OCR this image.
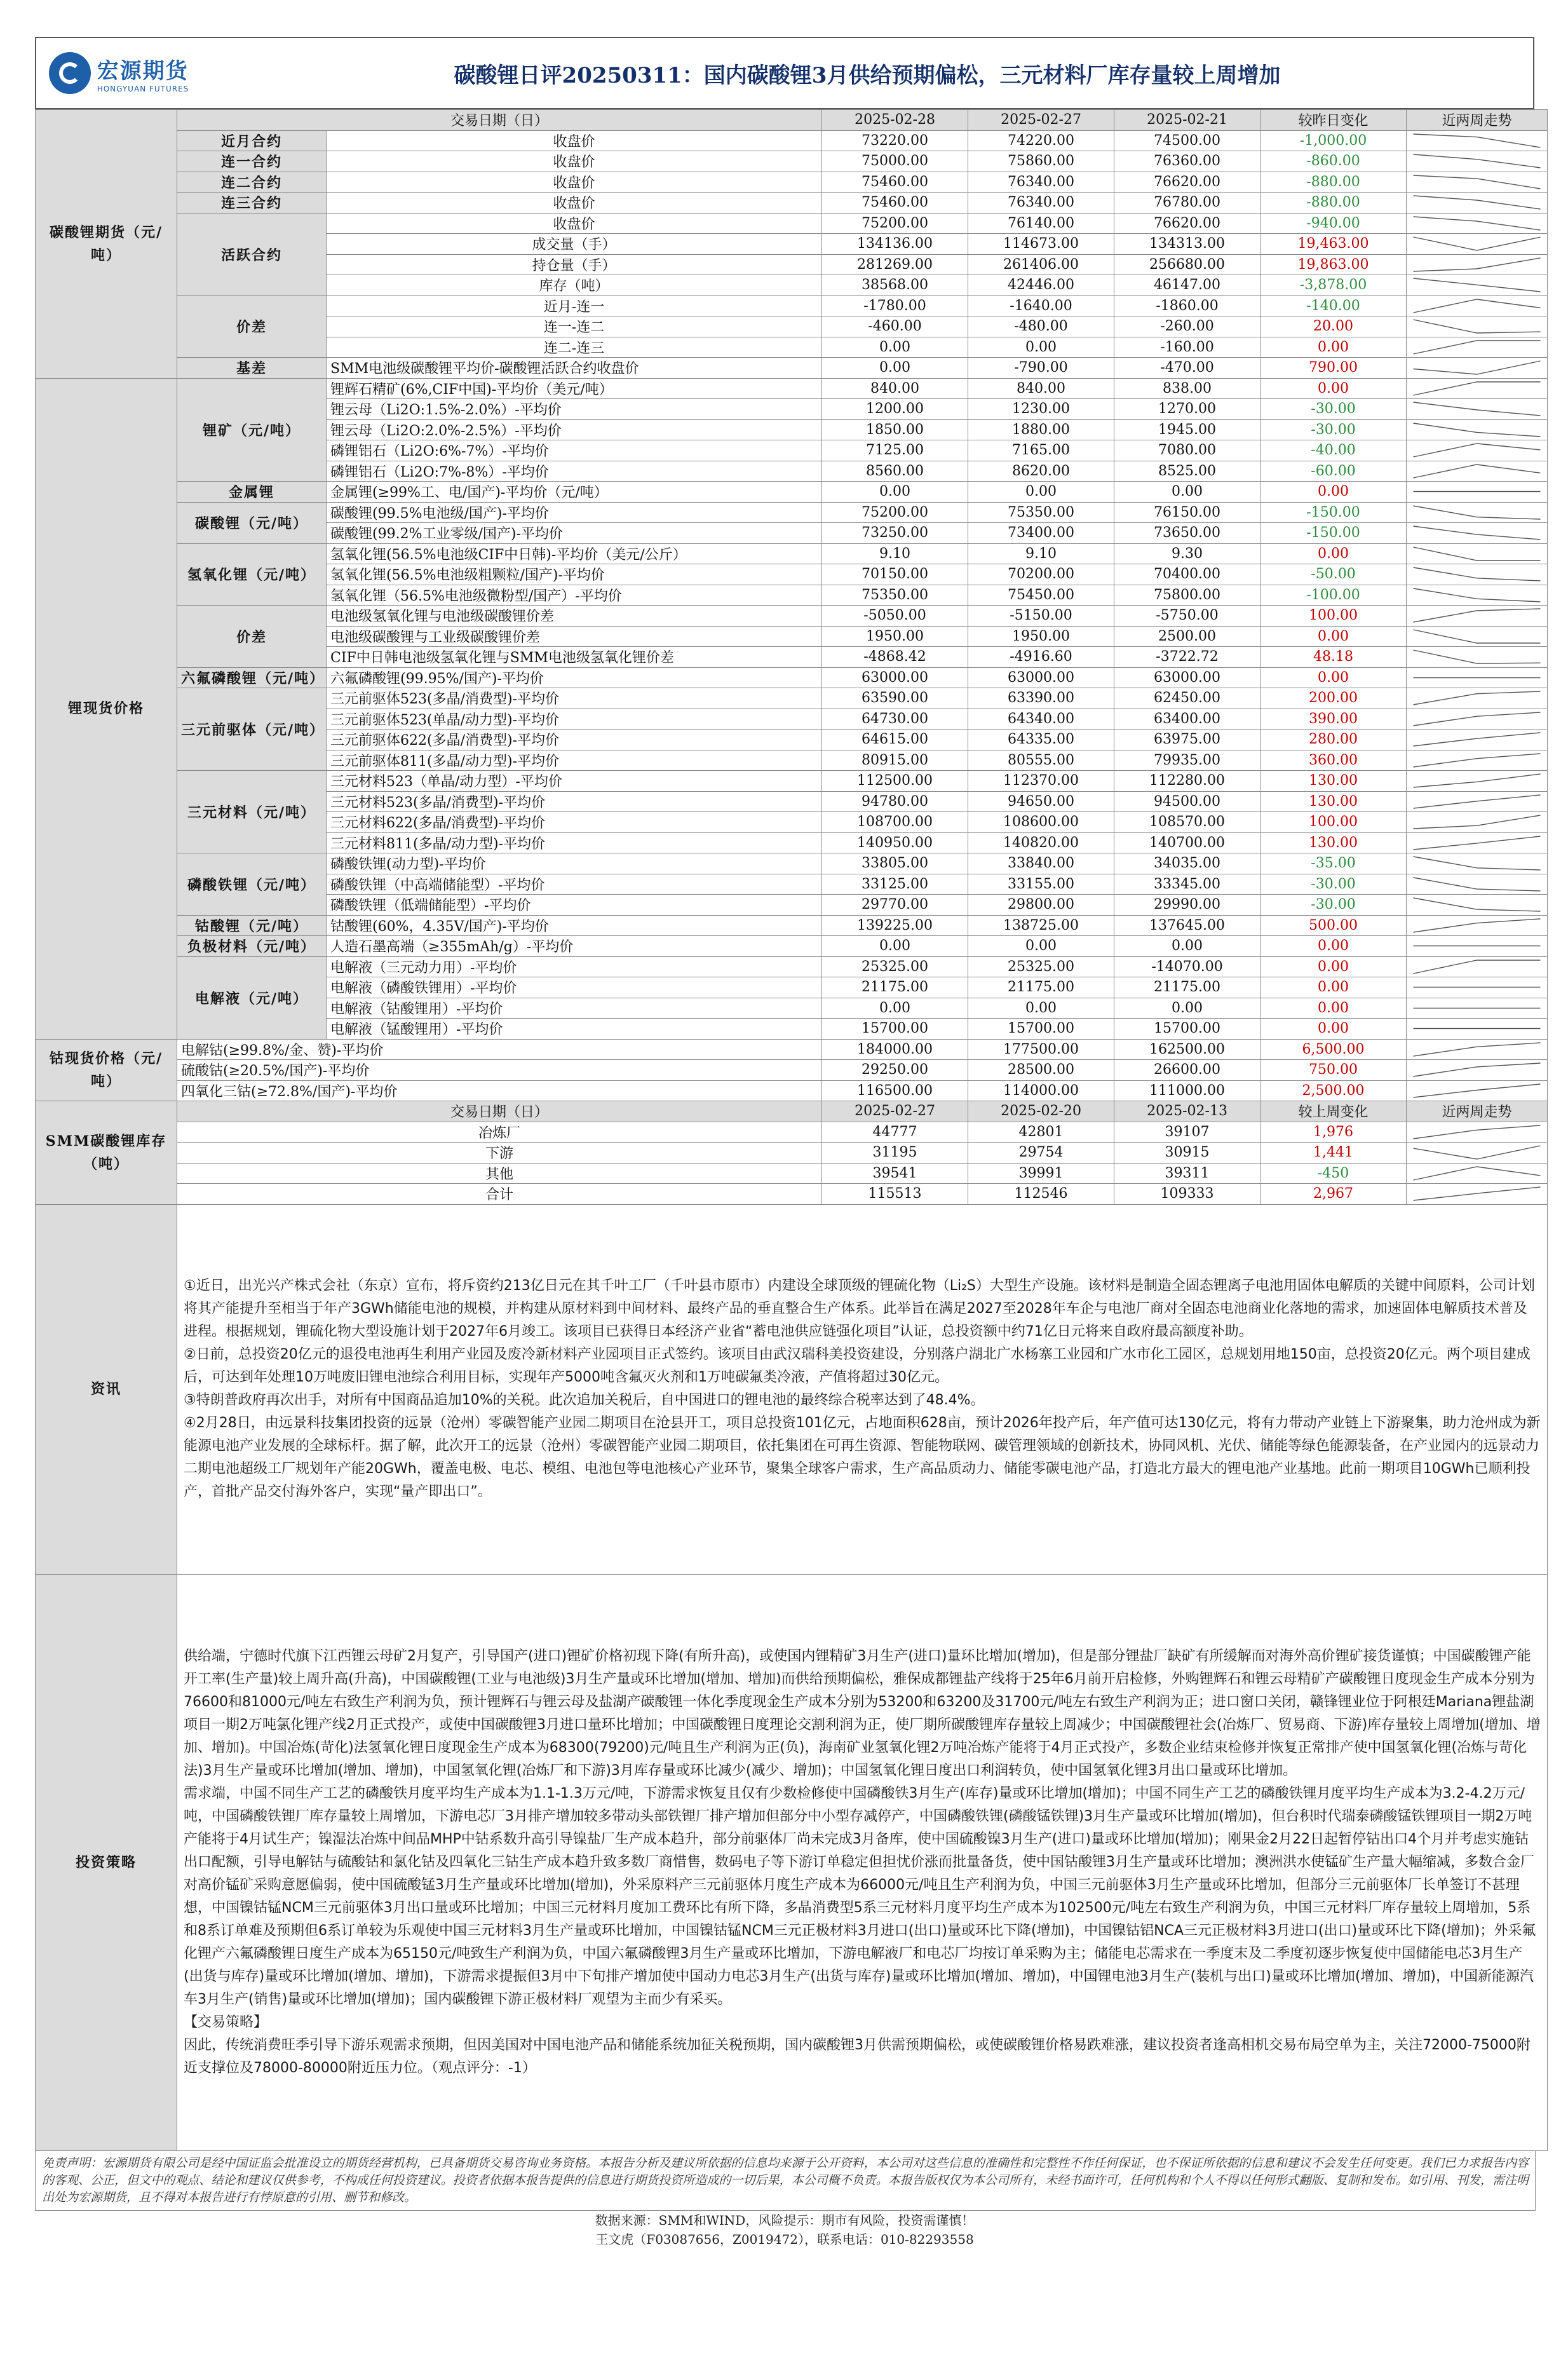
宏源期货
HONGYUAN FUTURES
碳酸锂日评20250311：国内碳酸锂3月供给预期偏松，三元材料厂库存量较上周增加
碳酸锂期货（元/吨）	交易日期（日）		2025-02-28	2025-02-27	2025-02-21	较昨日变化	近两周走势
	近月合约	收盘价	73220.00	74220.00	74500.00	-1,000.00	

	连一合约	收盘价	75000.00	75860.00	76360.00	-860.00	

	连二合约	收盘价	75460.00	76340.00	76620.00	-880.00	

	连三合约	收盘价	75460.00	76340.00	76780.00	-880.00	

	活跃合约	收盘价	75200.00	76140.00	76620.00	-940.00	

		成交量（手）	134136.00	114673.00	134313.00	19,463.00	

		持仓量（手）	281269.00	261406.00	256680.00	19,863.00	

		库存（吨）	38568.00	42446.00	46147.00	-3,878.00	

	价差	近月-连一	-1780.00	-1640.00	-1860.00	-140.00	

		连一-连二	-460.00	-480.00	-260.00	20.00	

		连二-连三	0.00	0.00	-160.00	0.00	

	基差	SMM电池级碳酸锂平均价-碳酸锂活跃合约收盘价	0.00	-790.00	-470.00	790.00	

锂现货价格	锂矿（元/吨）	锂辉石精矿(6%,CIF中国)-平均价（美元/吨）	840.00	840.00	838.00	0.00	

		锂云母（Li2O:1.5%-2.0%）-平均价	1200.00	1230.00	1270.00	-30.00	

		锂云母（Li2O:2.0%-2.5%）-平均价	1850.00	1880.00	1945.00	-30.00	

		磷锂铝石（Li2O:6%-7%）-平均价	7125.00	7165.00	7080.00	-40.00	

		磷锂铝石（Li2O:7%-8%）-平均价	8560.00	8620.00	8525.00	-60.00	

	金属锂	金属锂(≥99%工、电/国产)-平均价（元/吨）	0.00	0.00	0.00	0.00	

	碳酸锂（元/吨）	碳酸锂(99.5%电池级/国产)-平均价	75200.00	75350.00	76150.00	-150.00	

		碳酸锂(99.2%工业零级/国产)-平均价	73250.00	73400.00	73650.00	-150.00	

	氢氧化锂（元/吨）	氢氧化锂(56.5%电池级CIF中日韩)-平均价（美元/公斤）	9.10	9.10	9.30	0.00	

		氢氧化锂(56.5%电池级粗颗粒/国产)-平均价	70150.00	70200.00	70400.00	-50.00	

		氢氧化锂（56.5%电池级微粉型/国产）-平均价	75350.00	75450.00	75800.00	-100.00	

	价差	电池级氢氧化锂与电池级碳酸锂价差	-5050.00	-5150.00	-5750.00	100.00	

		电池级碳酸锂与工业级碳酸锂价差	1950.00	1950.00	2500.00	0.00	

		CIF中日韩电池级氢氧化锂与SMM电池级氢氧化锂价差	-4868.42	-4916.60	-3722.72	48.18	

	六氟磷酸锂（元/吨）	六氟磷酸锂(99.95%/国产)-平均价	63000.00	63000.00	63000.00	0.00	

	三元前驱体（元/吨）	三元前驱体523(多晶/消费型)-平均价	63590.00	63390.00	62450.00	200.00	

		三元前驱体523(单晶/动力型)-平均价	64730.00	64340.00	63400.00	390.00	

		三元前驱体622(多晶/消费型)-平均价	64615.00	64335.00	63975.00	280.00	

		三元前驱体811(多晶/动力型)-平均价	80915.00	80555.00	79935.00	360.00	

	三元材料（元/吨）	三元材料523（单晶/动力型）-平均价	112500.00	112370.00	112280.00	130.00	

		三元材料523(多晶/消费型)-平均价	94780.00	94650.00	94500.00	130.00	

		三元材料622(多晶/消费型)-平均价	108700.00	108600.00	108570.00	100.00	

		三元材料811(多晶/动力型)-平均价	140950.00	140820.00	140700.00	130.00	

	磷酸铁锂（元/吨）	磷酸铁锂(动力型)-平均价	33805.00	33840.00	34035.00	-35.00	

		磷酸铁锂（中高端储能型）-平均价	33125.00	33155.00	33345.00	-30.00	

		磷酸铁锂（低端储能型）-平均价	29770.00	29800.00	29990.00	-30.00	

	钴酸锂（元/吨）	钴酸锂(60%，4.35V/国产)-平均价	139225.00	138725.00	137645.00	500.00	

	负极材料（元/吨）	人造石墨高端（≥355mAh/g）-平均价	0.00	0.00	0.00	0.00	

	电解液（元/吨）	电解液（三元动力用）-平均价	25325.00	25325.00	-14070.00	0.00	

		电解液（磷酸铁锂用）-平均价	21175.00	21175.00	21175.00	0.00	

		电解液（钴酸锂用）-平均价	0.00	0.00	0.00	0.00	

		电解液（锰酸锂用）-平均价	15700.00	15700.00	15700.00	0.00	

钴现货价格（元/吨）	电解钴(≥99.8%/金、赞)-平均价		184000.00	177500.00	162500.00	6,500.00	

	硫酸钴(≥20.5%/国产)-平均价		29250.00	28500.00	26600.00	750.00	

	四氧化三钴(≥72.8%/国产)-平均价		116500.00	114000.00	111000.00	2,500.00	

SMM碳酸锂库存（吨）	交易日期（日）		2025-02-27	2025-02-20	2025-02-13	较上周变化	近两周走势
	冶炼厂		44777	42801	39107	1,976	

	下游		31195	29754	30915	1,441	

	其他		39541	39991	39311	-450	

	合计		115513	112546	109333	2,967	

资讯	①近日，出光兴产株式会社（东京）宣布，将斥资约213亿日元在其千叶工厂（千叶县市原市）内建设全球顶级的锂硫化物（Li₂S）大型生产设施。该材料是制造全固态锂离子电池用固体电解质的关键中间原料，公司计划将其产能提升至相当于年产3GWh储能电池的规模，并构建从原材料到中间材料、最终产品的垂直整合生产体系。此举旨在满足2027至2028年车企与电池厂商对全固态电池商业化落地的需求，加速固体电解质技术普及进程。根据规划，锂硫化物大型设施计划于2027年6月竣工。该项目已获得日本经济产业省“蓄电池供应链强化项目”认证，总投资额中约71亿日元将来自政府最高额度补助。
②日前，总投资20亿元的退役电池再生利用产业园及废冷新材料产业园项目正式签约。该项目由武汉瑞科美投资建设，分别落户湖北广水杨寨工业园和广水市化工园区，总规划用地150亩，总投资20亿元。两个项目建成后，可达到年处理10万吨废旧锂电池综合利用目标，实现年产5000吨含氟灭火剂和1万吨碳氟类冷液，产值将超过30亿元。
③特朗普政府再次出手，对所有中国商品追加10%的关税。此次追加关税后，自中国进口的锂电池的最终综合税率达到了48.4%。
④2月28日，由远景科技集团投资的远景（沧州）零碳智能产业园二期项目在沧县开工，项目总投资101亿元，占地面积628亩，预计2026年投产后，年产值可达130亿元，将有力带动产业链上下游聚集，助力沧州成为新能源电池产业发展的全球标杆。据了解，此次开工的远景（沧州）零碳智能产业园二期项目，依托集团在可再生资源、智能物联网、碳管理领域的创新技术，协同风机、光伏、储能等绿色能源装备，在产业园内的远景动力二期电池超级工厂规划年产能20GWh，覆盖电极、电芯、模组、电池包等电池核心产业环节，聚集全球客户需求，生产高品质动力、储能零碳电池产品，打造北方最大的锂电池产业基地。此前一期项目10GWh已顺利投产，首批产品交付海外客户，实现“量产即出口”。						
投资策略	供给端，宁德时代旗下江西锂云母矿2月复产，引导国产(进口)锂矿价格初现下降(有所升高)，或使国内锂精矿3月生产(进口)量环比增加(增加)，但是部分锂盐厂缺矿有所缓解而对海外高价锂矿接货谨慎；中国碳酸锂产能开工率(生产量)较上周升高(升高)，中国碳酸锂(工业与电池级)3月生产量或环比增加(增加、增加)而供给预期偏松，雅保成都锂盐产线将于25年6月前开启检修，外购锂辉石和锂云母精矿产碳酸锂日度现金生产成本分别为76600和81000元/吨左右致生产利润为负，预计锂辉石与锂云母及盐湖产碳酸锂一体化季度现金生产成本分别为53200和63200及31700元/吨左右致生产利润为正；进口窗口关闭，赣锋锂业位于阿根廷Mariana锂盐湖项目一期2万吨氯化锂产线2月正式投产，或使中国碳酸锂3月进口量环比增加；中国碳酸锂日度理论交割利润为正，使厂期所碳酸锂库存量较上周减少；中国碳酸锂社会(冶炼厂、贸易商、下游)库存量较上周增加(增加、增加、增加)。中国冶炼(苛化)法氢氧化锂日度现金生产成本为68300(79200)元/吨且生产利润为正(负)，海南矿业氢氧化锂2万吨冶炼产能将于4月正式投产，多数企业结束检修并恢复正常排产使中国氢氧化锂(冶炼与苛化法)3月生产量或环比增加(增加、增加)，中国氢氧化锂(冶炼厂和下游)3月库存量或环比减少(减少、增加)；中国氢氧化锂日度出口利润转负，使中国氢氧化锂3月出口量或环比增加。
需求端，中国不同生产工艺的磷酸铁月度平均生产成本为1.1-1.3万元/吨，下游需求恢复且仅有少数检修使中国磷酸铁3月生产(库存)量或环比增加(增加)；中国不同生产工艺的磷酸铁锂月度平均生产成本为3.2-4.2万元/吨，中国磷酸铁锂厂库存量较上周增加，下游电芯厂3月排产增加较多带动头部铁锂厂排产增加但部分中小型存减停产，中国磷酸铁锂(磷酸锰铁锂)3月生产量或环比增加(增加)，但台积时代瑞泰磷酸锰铁锂项目一期2万吨产能将于4月试生产；镍湿法冶炼中间品MHP中钴系数升高引导镍盐厂生产成本趋升，部分前驱体厂尚未完成3月备库，使中国硫酸镍3月生产(进口)量或环比增加(增加)；刚果金2月22日起暂停钴出口4个月并考虑实施钴出口配额，引导电解钴与硫酸钴和氯化钴及四氧化三钴生产成本趋升致多数厂商惜售，数码电子等下游订单稳定但担忧价涨而批量备货，使中国钴酸锂3月生产量或环比增加；澳洲洪水使锰矿生产量大幅缩减，多数合金厂对高价锰矿采购意愿偏弱，使中国硫酸锰3月生产量或环比增加(增加)，外采原料产三元前驱体月度生产成本为66000元/吨且生产利润为负，中国三元前驱体3月生产量或环比增加，但部分三元前驱体厂长单签订不甚理想，中国镍钴锰NCM三元前驱体3月出口量或环比增加；中国三元材料月度加工费环比有所下降，多晶消费型5系三元材料月度平均生产成本为102500元/吨左右致生产利润为负，中国三元材料厂库存量较上周增加，5系和8系订单难及预期但6系订单较为乐观使中国三元材料3月生产量或环比增加，中国镍钴锰NCM三元正极材料3月进口(出口)量或环比下降(增加)，中国镍钴铝NCA三元正极材料3月进口(出口)量或环比下降(增加)；外采氟化锂产六氟磷酸锂日度生产成本为65150元/吨致生产利润为负，中国六氟磷酸锂3月生产量或环比增加，下游电解液厂和电芯厂均按订单采购为主；储能电芯需求在一季度末及二季度初逐步恢复使中国储能电芯3月生产(出货与库存)量或环比增加(增加、增加)，下游需求提振但3月中下旬排产增加使中国动力电芯3月生产(出货与库存)量或环比增加(增加、增加)，中国锂电池3月生产(装机与出口)量或环比增加(增加、增加)，中国新能源汽车3月生产(销售)量或环比增加(增加)；国内碳酸锂下游正极材料厂观望为主而少有采买。
【交易策略】
因此，传统消费旺季引导下游乐观需求预期，但因美国对中国电池产品和储能系统加征关税预期，国内碳酸锂3月供需预期偏松，或使碳酸锂价格易跌难涨，建议投资者逢高相机交易布局空单为主，关注72000-75000附近支撑位及78000-80000附近压力位。（观点评分：-1）						
免责声明：宏源期货有限公司是经中国证监会批准设立的期货经营机构，已具备期货交易咨询业务资格。本报告分析及建议所依据的信息均来源于公开资料，本公司对这些信息的准确性和完整性不作任何保证，也不保证所依据的信息和建议不会发生任何变更。我们已力求报告内容的客观、公正，但文中的观点、结论和建议仅供参考，不构成任何投资建议。投资者依据本报告提供的信息进行期货投资所造成的一切后果，本公司概不负责。本报告版权仅为本公司所有，未经书面许可，任何机构和个人不得以任何形式翻版、复制和发布。如引用、刊发，需注明出处为宏源期货，且不得对本报告进行有悖原意的引用、删节和修改。
数据来源：SMM和WIND，风险提示：期市有风险，投资需谨慎！
王文虎（F03087656，Z0019472），联系电话：010-82293558
